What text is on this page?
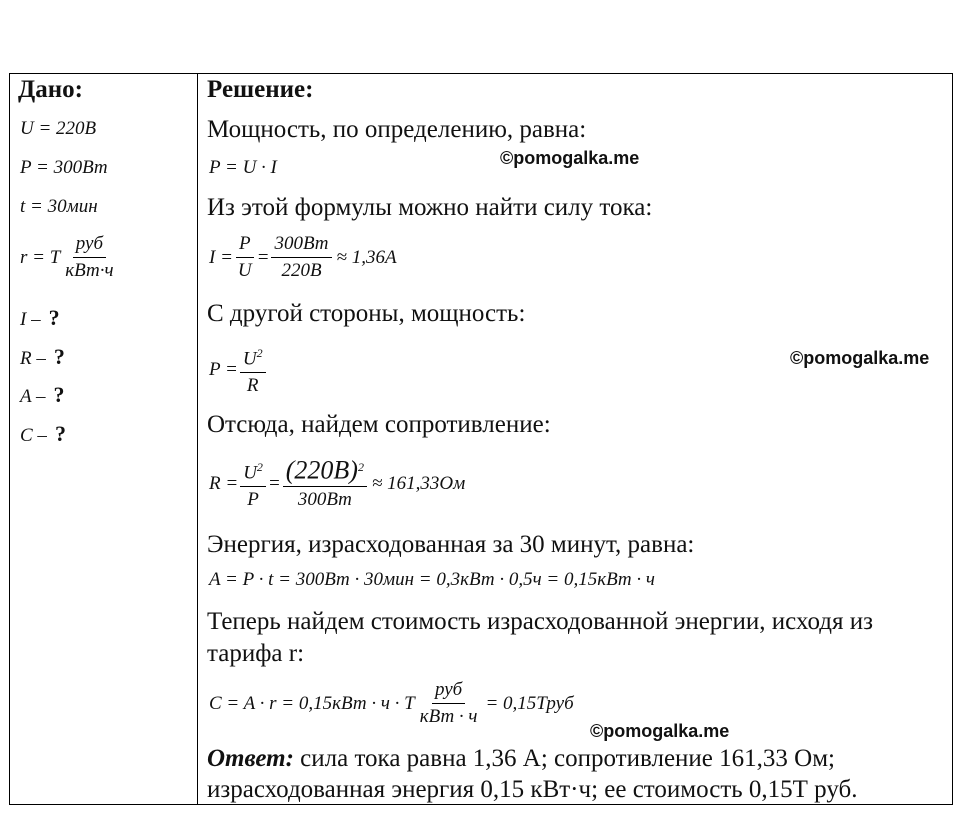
Дано:
U = 220В
P = 300Вт
t = 30мин
r = T $\frac{\text{руб}}{\text{кВт·ч}}$
I – ?
R – ?
A – ?
C – ?
Решение:
Мощность, по определению, равна:
P = U · I	©pomogalka.me
Из этой формулы можно найти силу тока:
$I = \frac{P}{U} = \frac{300Вт}{220В} \approx 1,36A$
С другой стороны, мощность:
$P = \frac{U^2}{R}$	©pomogalka.me
Отсюда, найдем сопротивление:
$R = \frac{U^2}{P} = \frac{(220В)^2}{300Вт} \approx 161,33Ом$
Энергия, израсходованная за 30 минут, равна:
A = P · t = 300Вт · 30мин = 0,3кВт · 0,5ч = 0,15кВт · ч
Теперь найдем стоимость израсходованной энергии, исходя из
тарифа r:
C = A · r = 0,15кВт · ч · T $\frac{\text{руб}}{\text{кВт · ч}}$ = 0,15Труб
©pomogalka.me
Ответ: сила тока равна 1,36 А; сопротивление 161,33 Ом;
израсходованная энергия 0,15 кВт·ч; ее стоимость 0,15Т руб.
